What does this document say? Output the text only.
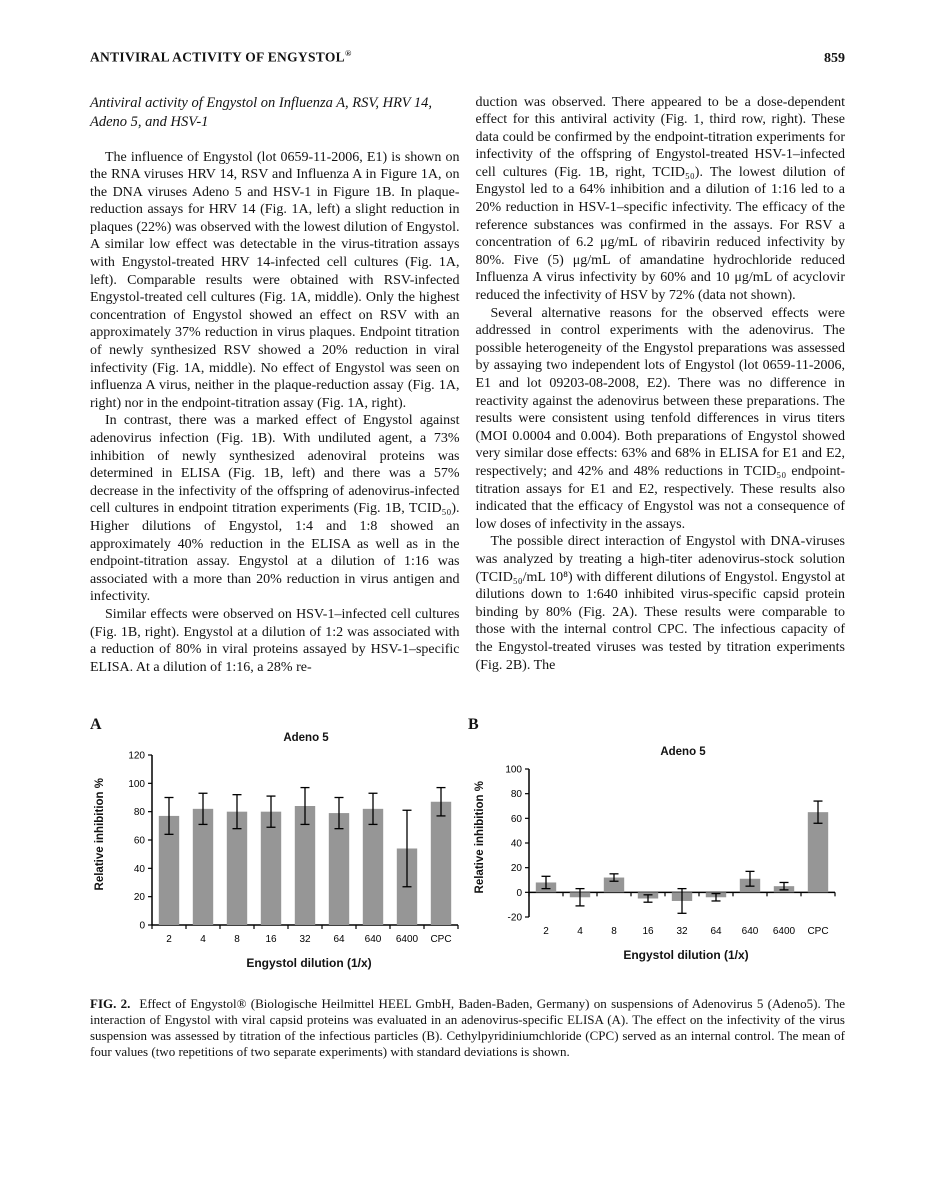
ANTIVIRAL ACTIVITY OF ENGYSTOL®	859
Antiviral activity of Engystol on Influenza A, RSV, HRV 14, Adeno 5, and HSV-1

The influence of Engystol (lot 0659-11-2006, E1) is shown on the RNA viruses HRV 14, RSV and Influenza A in Figure 1A, on the DNA viruses Adeno 5 and HSV-1 in Figure 1B. In plaque-reduction assays for HRV 14 (Fig. 1A, left) a slight reduction in plaques (22%) was observed with the lowest dilution of Engystol. A similar low effect was detectable in the virus-titration assays with Engystol-treated HRV 14-infected cell cultures (Fig. 1A, left). Comparable results were obtained with RSV-infected Engystol-treated cell cultures (Fig. 1A, middle). Only the highest concentration of Engystol showed an effect on RSV with an approximately 37% reduction in virus plaques. Endpoint titration of newly synthesized RSV showed a 20% reduction in viral infectivity (Fig. 1A, middle). No effect of Engystol was seen on influenza A virus, neither in the plaque-reduction assay (Fig. 1A, right) nor in the endpoint-titration assay (Fig. 1A, right).

In contrast, there was a marked effect of Engystol against adenovirus infection (Fig. 1B). With undiluted agent, a 73% inhibition of newly synthesized adenoviral proteins was determined in ELISA (Fig. 1B, left) and there was a 57% decrease in the infectivity of the offspring of adenovirus-infected cell cultures in endpoint titration experiments (Fig. 1B, TCID₅₀). Higher dilutions of Engystol, 1:4 and 1:8 showed an approximately 40% reduction in the ELISA as well as in the endpoint-titration assay. Engystol at a dilution of 1:16 was associated with a more than 20% reduction in virus antigen and infectivity.

Similar effects were observed on HSV-1–infected cell cultures (Fig. 1B, right). Engystol at a dilution of 1:2 was associated with a reduction of 80% in viral proteins assayed by HSV-1–specific ELISA. At a dilution of 1:16, a 28% re-

duction was observed. There appeared to be a dose-dependent effect for this antiviral activity (Fig. 1, third row, right). These data could be confirmed by the endpoint-titration experiments for infectivity of the offspring of Engystol-treated HSV-1–infected cell cultures (Fig. 1B, right, TCID₅₀). The lowest dilution of Engystol led to a 64% inhibition and a dilution of 1:16 led to a 20% reduction in HSV-1–specific infectivity. The efficacy of the reference substances was confirmed in the assays. For RSV a concentration of 6.2 μg/mL of ribavirin reduced infectivity by 80%. Five (5) μg/mL of amandatine hydrochloride reduced Influenza A virus infectivity by 60% and 10 μg/mL of acyclovir reduced the infectivity of HSV by 72% (data not shown).

Several alternative reasons for the observed effects were addressed in control experiments with the adenovirus. The possible heterogeneity of the Engystol preparations was assessed by assaying two independent lots of Engystol (lot 0659-11-2006, E1 and lot 09203-08-2008, E2). There was no difference in reactivity against the adenovirus between these preparations. The results were consistent using tenfold differences in virus titers (MOI 0.0004 and 0.004). Both preparations of Engystol showed very similar dose effects: 63% and 68% in ELISA for E1 and E2, respectively; and 42% and 48% reductions in TCID₅₀ endpoint-titration assays for E1 and E2, respectively. These results also indicated that the efficacy of Engystol was not a consequence of low doses of infectivity in the assays.

The possible direct interaction of Engystol with DNA-viruses was analyzed by treating a high-titer adenovirus-stock solution (TCID₅₀/mL 10⁸) with different dilutions of Engystol. Engystol at dilutions down to 1:640 inhibited virus-specific capsid protein binding by 80% (Fig. 2A). These results were comparable to those with the internal control CPC. The infectious capacity of the Engystol-treated viruses was tested by titration experiments (Fig. 2B). The

A
Relative inhibition %
Adeno 5
0
20
40
60
80
100
120
2	4	8	16 32 64 640 6400 CPC
Engystol dilution (1/x)
B
Relative inhibition %
Adeno 5
-20
0
20
40
60
80
100
2	4	8	16 32 64 640 6400 CPC
Engystol dilution (1/x)

FIG. 2. Effect of Engystol® (Biologische Heilmittel HEEL GmbH, Baden-Baden, Germany) on suspensions of Adenovirus 5 (Adeno5). The interaction of Engystol with viral capsid proteins was evaluated in an adenovirus-specific ELISA (A). The effect on the infectivity of the virus suspension was assessed by titration of the infectious particles (B). Cethylpyridiniumchloride (CPC) served as an internal control. The mean of four values (two repetitions of two separate experiments) with standard deviations is shown.
